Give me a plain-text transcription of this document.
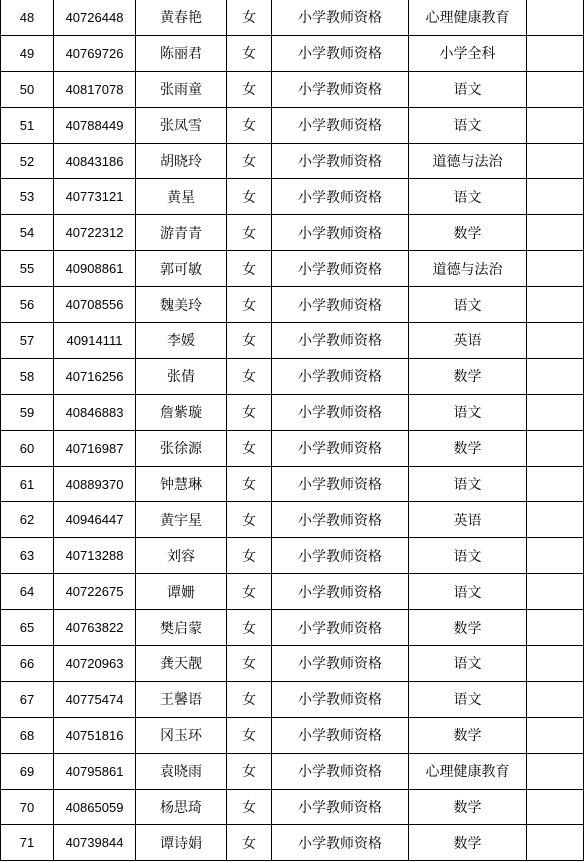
48	40726448	黄春艳	女	小学教师资格	心理健康教育	
49	40769726	陈丽君	女	小学教师资格	小学全科	
50	40817078	张雨童	女	小学教师资格	语文	
51	40788449	张凤雪	女	小学教师资格	语文	
52	40843186	胡晓玲	女	小学教师资格	道德与法治	
53	40773121	黄星	女	小学教师资格	语文	
54	40722312	游青青	女	小学教师资格	数学	
55	40908861	郭可敏	女	小学教师资格	道德与法治	
56	40708556	魏美玲	女	小学教师资格	语文	
57	40914111	李媛	女	小学教师资格	英语	
58	40716256	张倩	女	小学教师资格	数学	
59	40846883	詹紫璇	女	小学教师资格	语文	
60	40716987	张徐源	女	小学教师资格	数学	
61	40889370	钟慧琳	女	小学教师资格	语文	
62	40946447	黄宇星	女	小学教师资格	英语	
63	40713288	刘容	女	小学教师资格	语文	
64	40722675	谭姗	女	小学教师资格	语文	
65	40763822	樊启蒙	女	小学教师资格	数学	
66	40720963	龚天靓	女	小学教师资格	语文	
67	40775474	王馨语	女	小学教师资格	语文	
68	40751816	冈玉环	女	小学教师资格	数学	
69	40795861	袁晓雨	女	小学教师资格	心理健康教育	
70	40865059	杨思琦	女	小学教师资格	数学	
71	40739844	谭诗娟	女	小学教师资格	数学	
